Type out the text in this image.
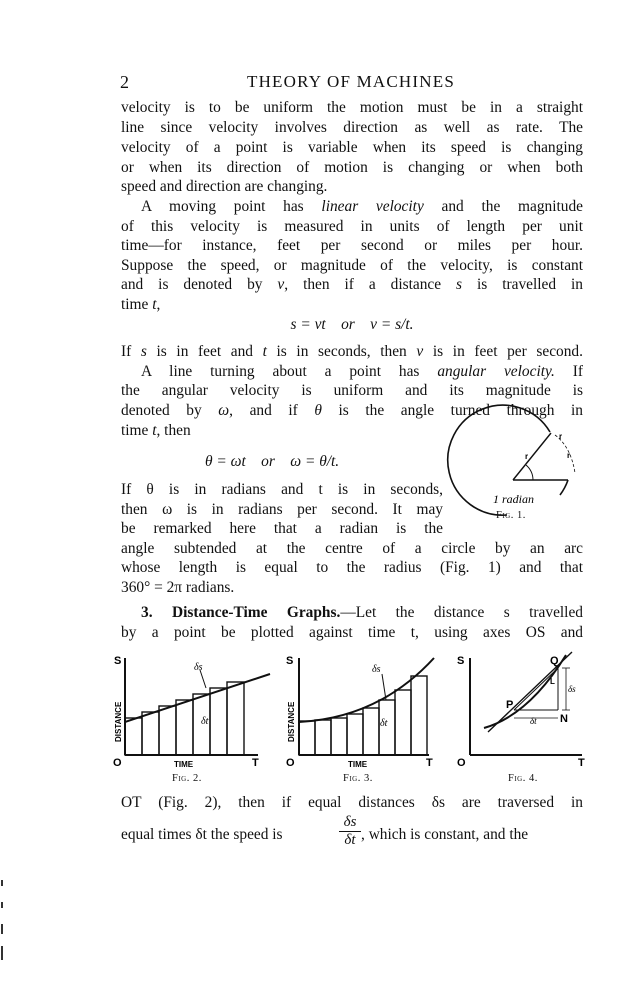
2	THEORY OF MACHINES
velocity is to be uniform the motion must be in a straight
line since velocity involves direction as well as rate. The
velocity of a point is variable when its speed is changing
or when its direction of motion is changing or when both
speed and direction are changing.
A moving point has linear velocity and the magnitude
of this velocity is measured in units of length per unit
time—for instance, feet per second or miles per hour.
Suppose the speed, or magnitude of the velocity, is constant
and is denoted by v, then if a distance s is travelled in
time t,
s = vt    or    v = s/t.
If s is in feet and t is in seconds, then v is in feet per second.
A line turning about a point has angular velocity. If
the angular velocity is uniform and its magnitude is
denoted by ω, and if θ is the angle turned through in
time t, then
θ = ωt    or    ω = θ/t.
If θ is in radians and t is in seconds,
then ω is in radians per second. It may
be remarked here that a radian is the
angle subtended at the centre of a circle by an arc
whose length is equal to the radius (Fig. 1) and that
360° = 2π radians.
3. Distance-Time Graphs.—Let the distance s travelled
by a point be plotted against time t, using axes OS and
r
r	r
1 radian
Fig. 1.
S
O	T
TIME
DISTANCE
δs
δt
Fig. 2.
S
O	T
TIME
DISTANCE
δs
δt
Fig. 3.
S
O	T
Q
P
N
L
δs
δt
Fig. 4.
OT (Fig. 2), then if equal distances δs are traversed in
equal times δt the speed is
δs
δt , which is constant, and the
